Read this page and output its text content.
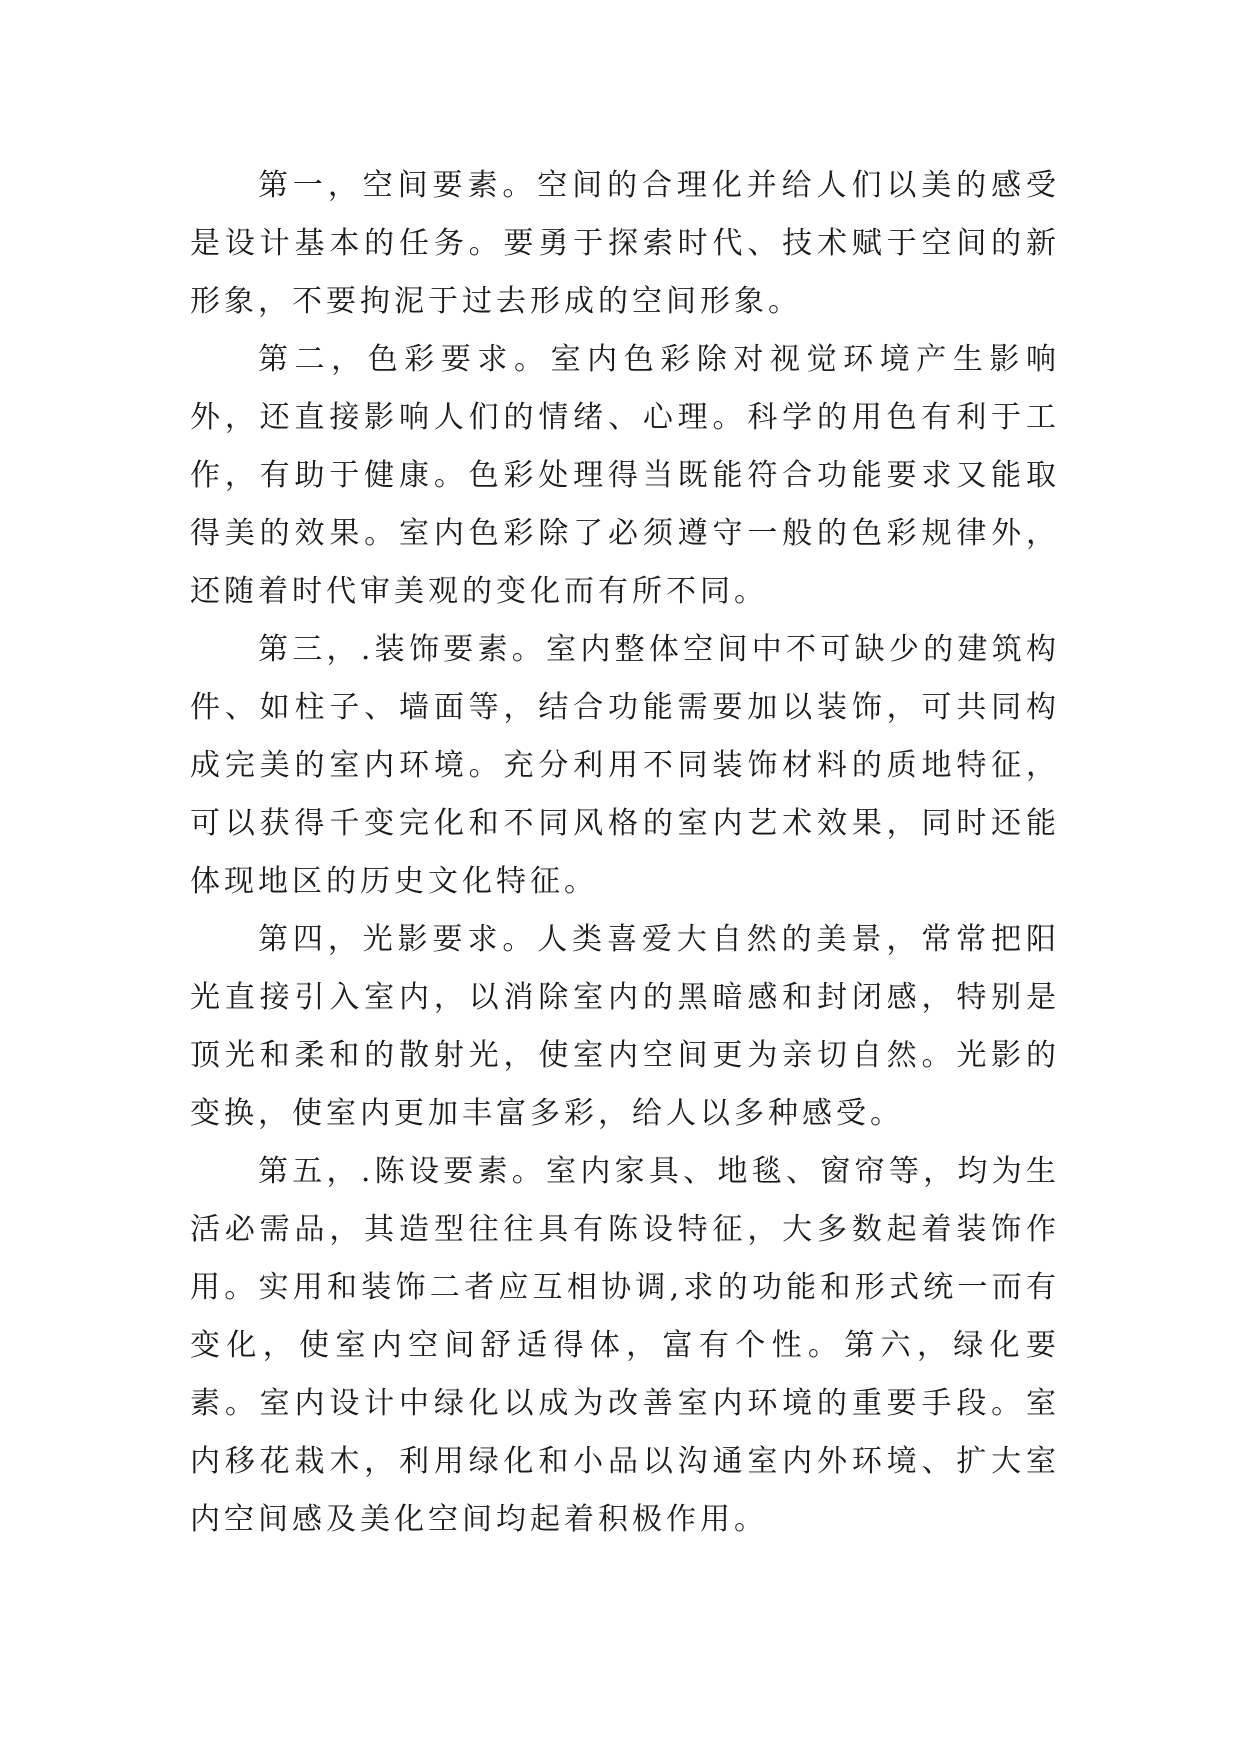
第一，空间要素。空间的合理化并给人们以美的感受是设计基本的任务。要勇于探索时代、技术赋于空间的新形象，不要拘泥于过去形成的空间形象。

第二，色彩要求。室内色彩除对视觉环境产生影响外，还直接影响人们的情绪、心理。科学的用色有利于工作，有助于健康。色彩处理得当既能符合功能要求又能取得美的效果。室内色彩除了必须遵守一般的色彩规律外，还随着时代审美观的变化而有所不同。

第三，.装饰要素。室内整体空间中不可缺少的建筑构件、如柱子、墙面等，结合功能需要加以装饰，可共同构成完美的室内环境。充分利用不同装饰材料的质地特征，可以获得千变完化和不同风格的室内艺术效果，同时还能体现地区的历史文化特征。

第四，光影要求。人类喜爱大自然的美景，常常把阳光直接引入室内，以消除室内的黑暗感和封闭感，特别是顶光和柔和的散射光，使室内空间更为亲切自然。光影的变换，使室内更加丰富多彩，给人以多种感受。

第五，.陈设要素。室内家具、地毯、窗帘等，均为生活必需品，其造型往往具有陈设特征，大多数起着装饰作用。实用和装饰二者应互相协调,求的功能和形式统一而有变化，使室内空间舒适得体，富有个性。第六，绿化要素。室内设计中绿化以成为改善室内环境的重要手段。室内移花栽木，利用绿化和小品以沟通室内外环境、扩大室内空间感及美化空间均起着积极作用。
